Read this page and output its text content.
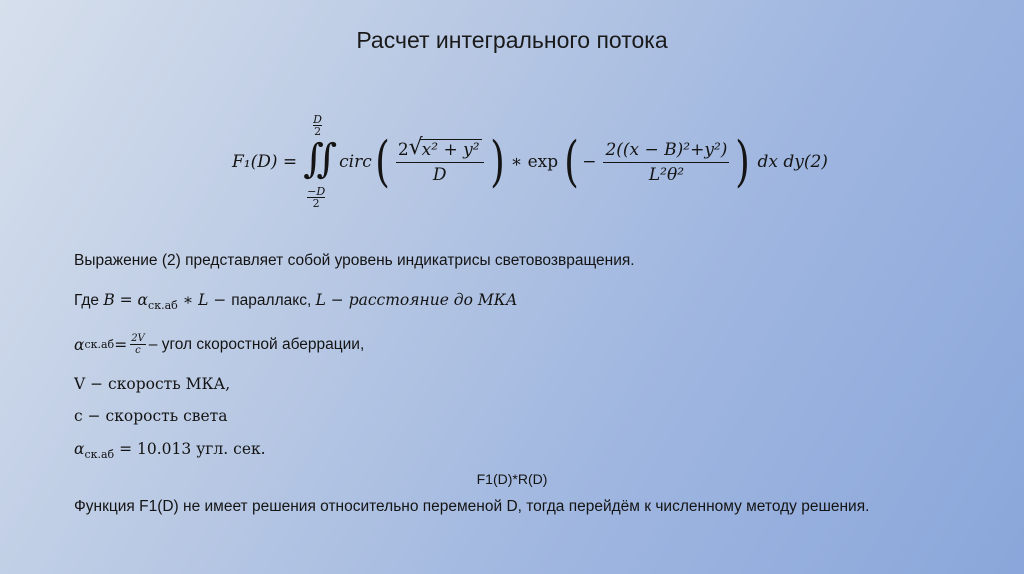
Расчет интегрального потока
F₁(D) =
$\frac{D}{2}$
∬
$\frac{-D}{2}$
circ ( 2 √
x² + y²
D ) ∗ exp ( − $\frac{\text{2((x − B)²+y²)}}{\text{L²θ²}}$ ) dx dy(2)
Выражение (2) представляет собой уровень индикатрисы световозвращения.
Где $B = \alpha_{ск.аб}$ ∗ L − параллакс, L − расстояние до МКА
α $ск.аб = \frac{2V}{c}$ – угол скоростной аберрации,
V − скорость МКА,
c − скорость света
$\alpha_{ск.аб} = 10.013$ угл. сек.
F1(D)*R(D)
Функция F1(D) не имеет решения относительно переменой D, тогда перейдём к численному методу решения.
